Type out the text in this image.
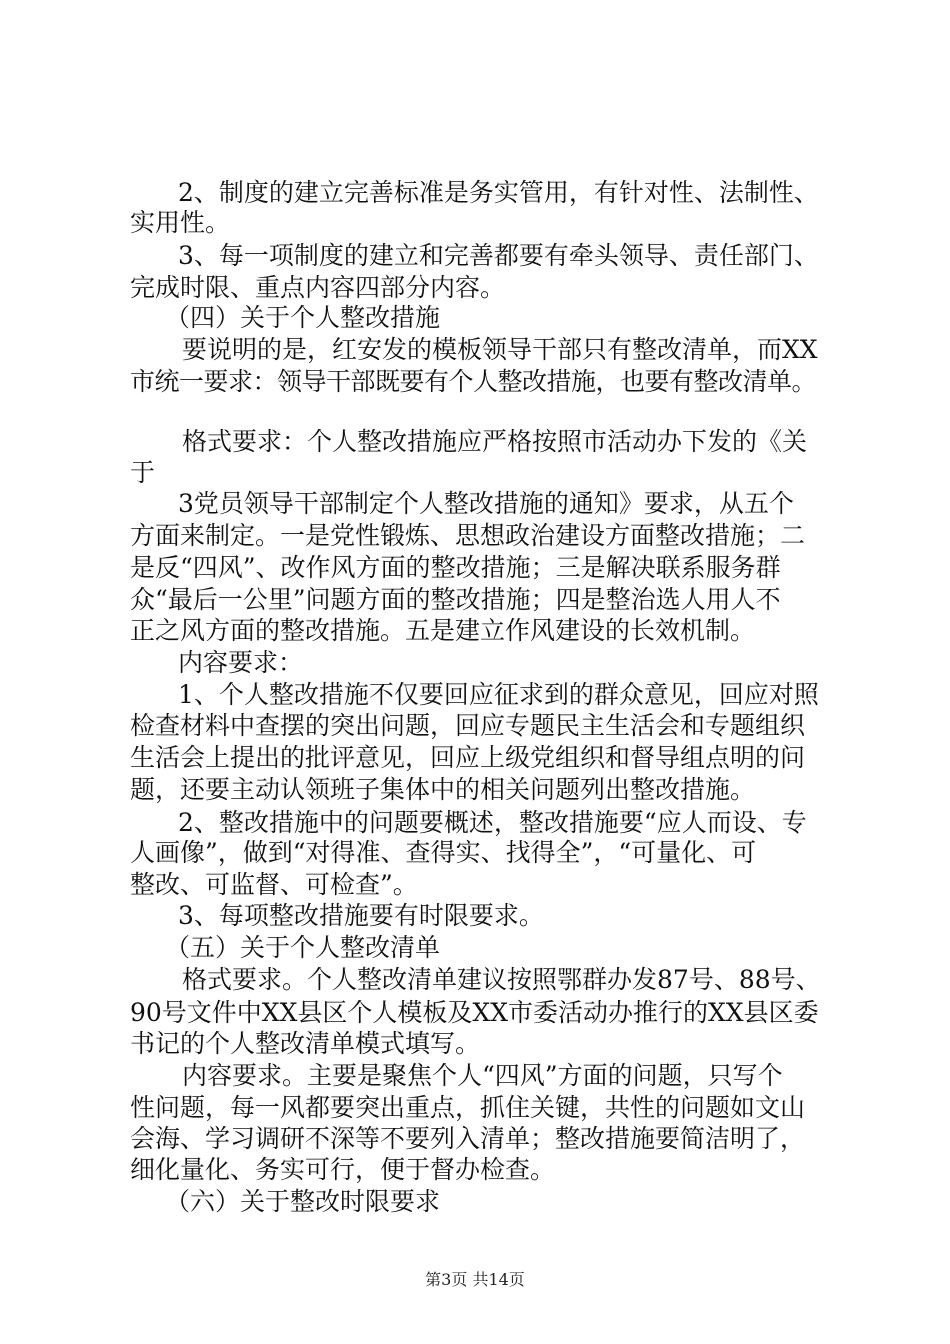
2、制度的建立完善标准是务实管用，有针对性、法制性、
实用性。
3、每一项制度的建立和完善都要有牵头领导、责任部门、
完成时限、重点内容四部分内容。
（四）关于个人整改措施
要说明的是，红安发的模板领导干部只有整改清单，而XX
市统一要求：领导干部既要有个人整改措施，也要有整改清单。
格式要求：个人整改措施应严格按照市活动办下发的《关
于
3党员领导干部制定个人整改措施的通知》要求，从五个
方面来制定。一是党性锻炼、思想政治建设方面整改措施；二
是反“四风”、改作风方面的整改措施；三是解决联系服务群
众“最后一公里”问题方面的整改措施；四是整治选人用人不
正之风方面的整改措施。五是建立作风建设的长效机制。
内容要求：
1、个人整改措施不仅要回应征求到的群众意见，回应对照
检查材料中查摆的突出问题，回应专题民主生活会和专题组织
生活会上提出的批评意见，回应上级党组织和督导组点明的问
题，还要主动认领班子集体中的相关问题列出整改措施。
2、整改措施中的问题要概述，整改措施要“应人而设、专
人画像”，做到“对得准、查得实、找得全”，“可量化、可
整改、可监督、可检查”。
3、每项整改措施要有时限要求。
（五）关于个人整改清单
格式要求。个人整改清单建议按照鄂群办发87号、88号、
90号文件中XX县区个人模板及XX市委活动办推行的XX县区委
书记的个人整改清单模式填写。
内容要求。主要是聚焦个人“四风”方面的问题，只写个
性问题，每一风都要突出重点，抓住关键，共性的问题如文山
会海、学习调研不深等不要列入清单；整改措施要简洁明了，
细化量化、务实可行，便于督办检查。
（六）关于整改时限要求
第3页 共14页
